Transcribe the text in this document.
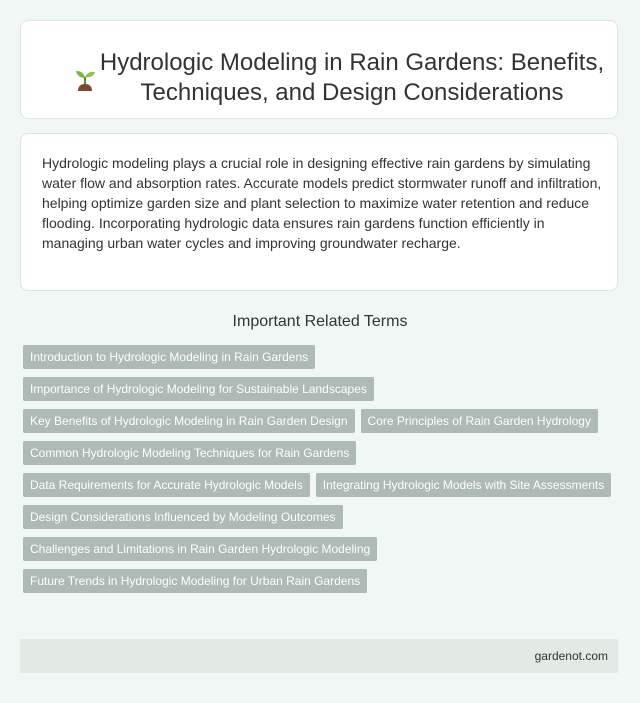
Hydrologic Modeling in Rain Gardens: Benefits, Techniques, and Design Considerations

Hydrologic modeling plays a crucial role in designing effective rain gardens by simulating water flow and absorption rates. Accurate models predict stormwater runoff and infiltration, helping optimize garden size and plant selection to maximize water retention and reduce flooding. Incorporating hydrologic data ensures rain gardens function efficiently in managing urban water cycles and improving groundwater recharge.

Important Related Terms
Introduction to Hydrologic Modeling in Rain Gardens
Importance of Hydrologic Modeling for Sustainable Landscapes
Key Benefits of Hydrologic Modeling in Rain Garden Design	Core Principles of Rain Garden Hydrology
Common Hydrologic Modeling Techniques for Rain Gardens
Data Requirements for Accurate Hydrologic Models	Integrating Hydrologic Models with Site Assessments
Design Considerations Influenced by Modeling Outcomes
Challenges and Limitations in Rain Garden Hydrologic Modeling
Future Trends in Hydrologic Modeling for Urban Rain Gardens
gardenot.com
